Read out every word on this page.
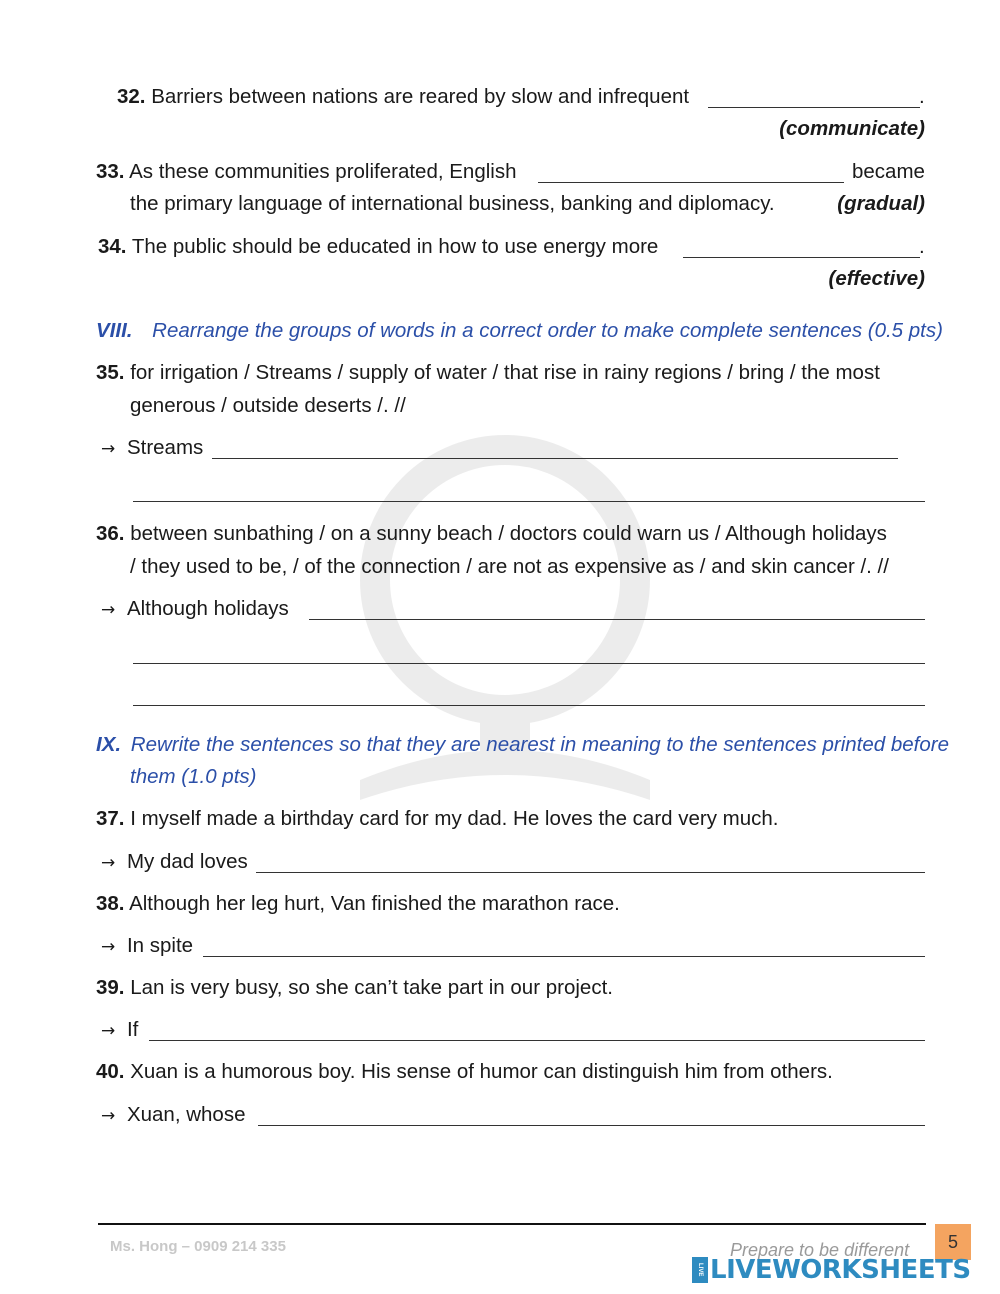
32. Barriers between nations are reared by slow and infrequent	.
(communicate)
33. As these communities proliferated, English	became
the primary language of international business, banking and diplomacy.	(gradual)
34. The public should be educated in how to use energy more	.
(effective)
VIII. Rearrange the groups of words in a correct order to make complete sentences (0.5 pts)
35. for irrigation / Streams / supply of water / that rise in rainy regions / bring / the most
generous / outside deserts /. //
→ Streams
36. between sunbathing / on a sunny beach / doctors could warn us / Although holidays
/ they used to be, / of the connection / are not as expensive as / and skin cancer /. //
→ Although holidays
IX. Rewrite the sentences so that they are nearest in meaning to the sentences printed before
them (1.0 pts)
37. I myself made a birthday card for my dad. He loves the card very much.
→ My dad loves
38. Although her leg hurt, Van finished the marathon race.
→ In spite
39. Lan is very busy, so she can’t take part in our project.
→ If
40. Xuan is a humorous boy. His sense of humor can distinguish him from others.
→ Xuan, whose
Ms. Hong – 0909 214 335	Prepare to be different	5
LIVE LIVEWORKSHEETS
